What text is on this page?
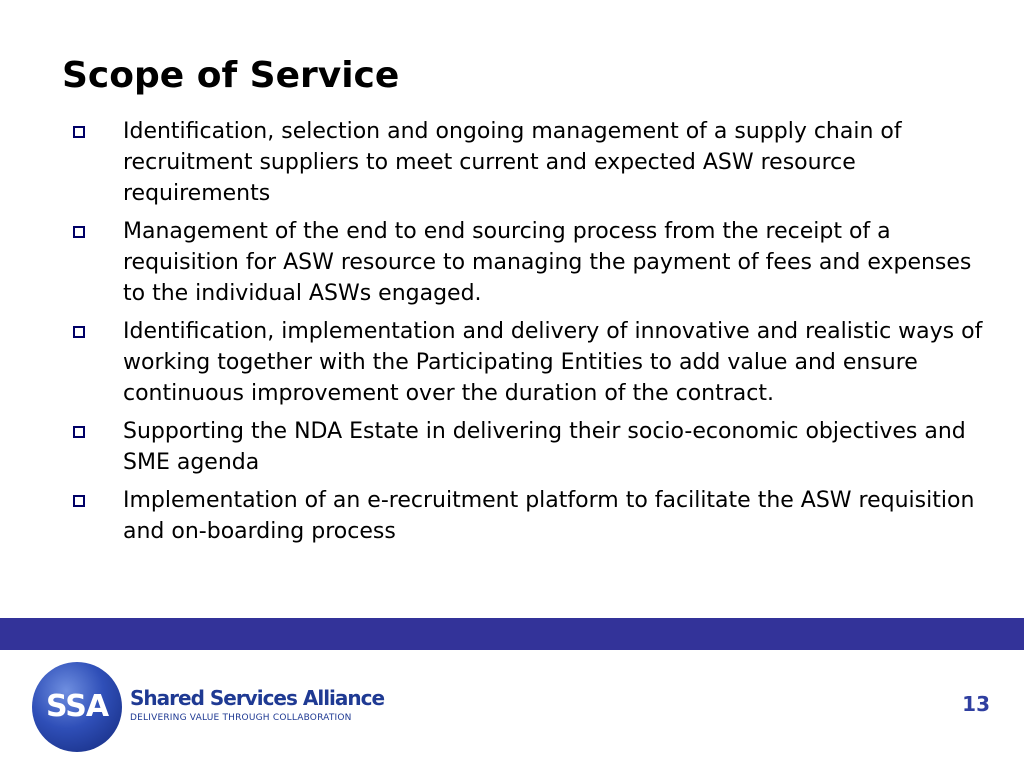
Scope of Service
Identification, selection and ongoing management of a supply chain of recruitment suppliers to meet current and expected ASW resource requirements
Management of the end to end sourcing process from the receipt of a requisition for ASW resource to managing the payment of fees and expenses to the individual ASWs engaged.
Identification, implementation and delivery of innovative and realistic ways of working together with the Participating Entities to add value and ensure continuous improvement over the duration of the contract.
Supporting the NDA Estate in delivering their socio-economic objectives and SME agenda
Implementation of an e-recruitment platform to facilitate the ASW requisition and on-boarding process
SSA	Shared Services Alliance
DELIVERING VALUE THROUGH COLLABORATION
13
